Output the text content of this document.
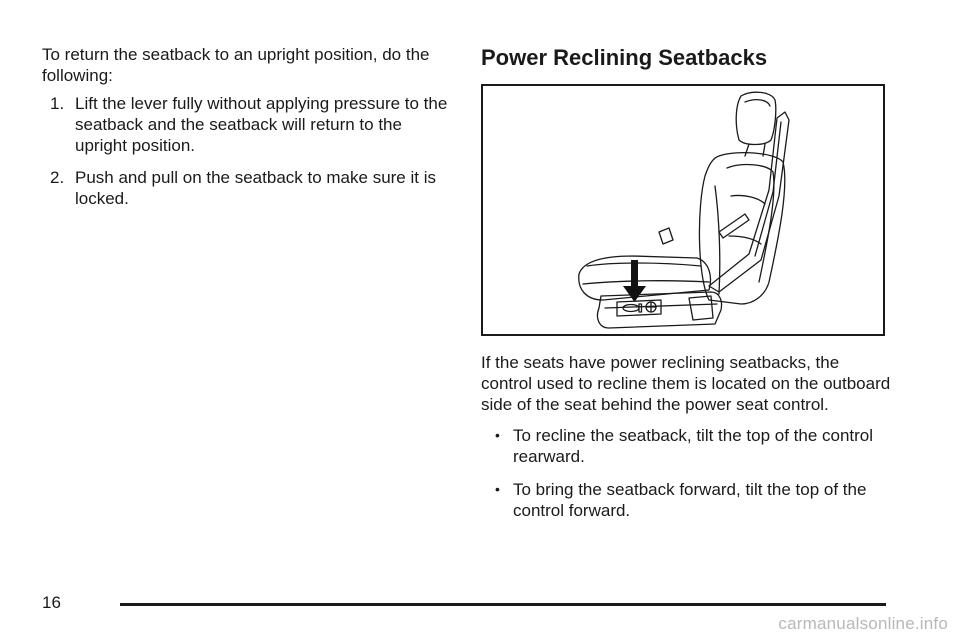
To return the seatback to an upright position, do the following:

1. Lift the lever fully without applying pressure to the seatback and the seatback will return to the upright position.
2. Push and pull on the seatback to make sure it is locked.
Power Reclining Seatbacks

If the seats have power reclining seatbacks, the control used to recline them is located on the outboard side of the seat behind the power seat control.

• To recline the seatback, tilt the top of the control rearward.
• To bring the seatback forward, tilt the top of the control forward.
16
carmanualsonline.info
